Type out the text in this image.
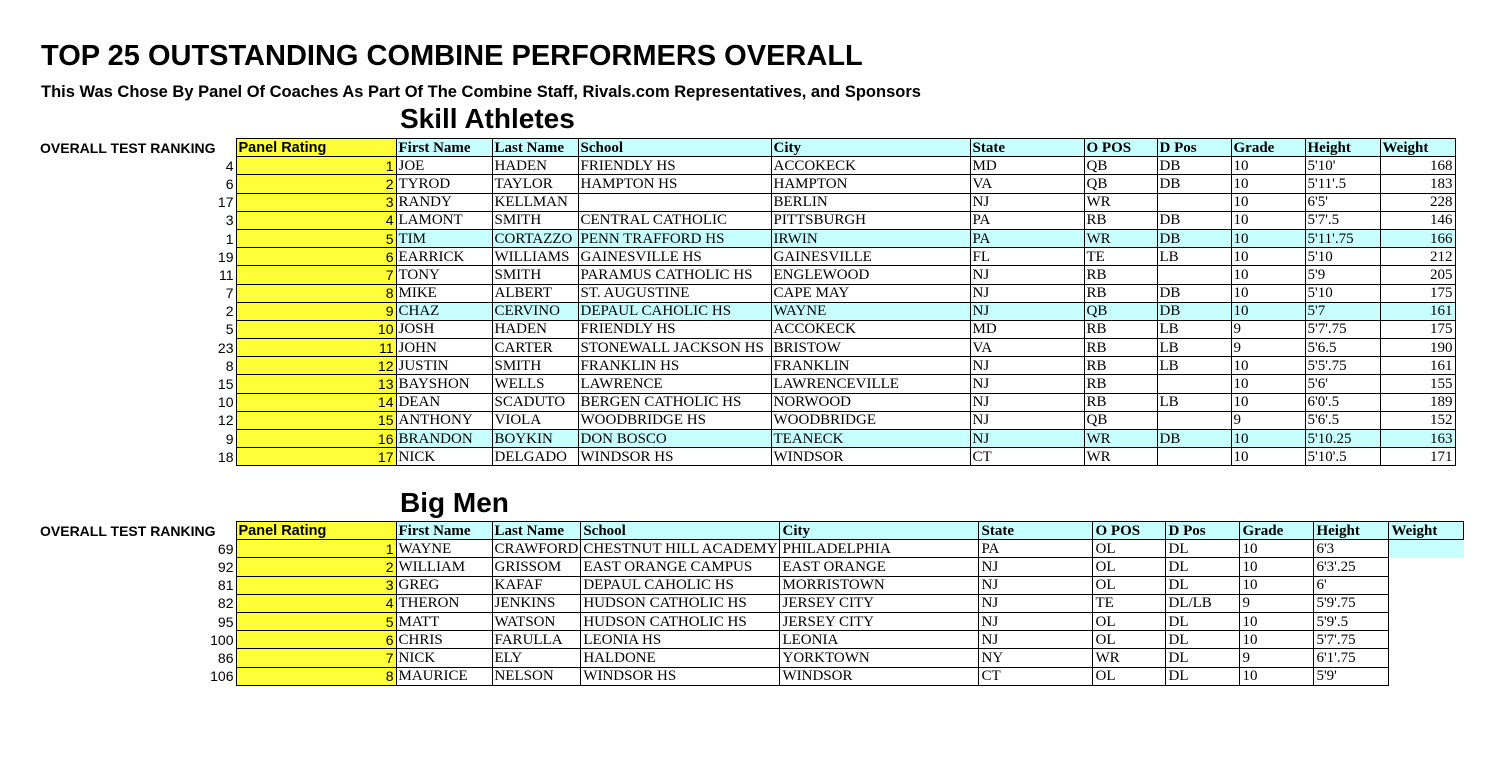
TOP 25 OUTSTANDING COMBINE PERFORMERS OVERALL
This Was Chose By Panel Of Coaches As Part Of The Combine Staff, Rivals.com Representatives, and Sponsors
Skill Athletes
OVERALL TEST RANKING	Panel Rating	First Name	Last Name	School	City	State	O POS	D Pos	Grade	Height	Weight
4	1	JOE	HADEN	FRIENDLY HS	ACCOKECK	MD	QB	DB	10	5'10'	168
6	2	TYROD	TAYLOR	HAMPTON HS	HAMPTON	VA	QB	DB	10	5'11'.5	183
17	3	RANDY	KELLMAN		BERLIN	NJ	WR		10	6'5'	228
3	4	LAMONT	SMITH	CENTRAL CATHOLIC	PITTSBURGH	PA	RB	DB	10	5'7'.5	146
1	5	TIM	CORTAZZO	PENN TRAFFORD HS	IRWIN	PA	WR	DB	10	5'11'.75	166
19	6	EARRICK	WILLIAMS	GAINESVILLE HS	GAINESVILLE	FL	TE	LB	10	5'10	212
11	7	TONY	SMITH	PARAMUS CATHOLIC HS	ENGLEWOOD	NJ	RB		10	5'9	205
7	8	MIKE	ALBERT	ST. AUGUSTINE	CAPE MAY	NJ	RB	DB	10	5'10	175
2	9	CHAZ	CERVINO	DEPAUL CAHOLIC HS	WAYNE	NJ	QB	DB	10	5'7	161
5	10	JOSH	HADEN	FRIENDLY HS	ACCOKECK	MD	RB	LB	9	5'7'.75	175
23	11	JOHN	CARTER	STONEWALL JACKSON HS	BRISTOW	VA	RB	LB	9	5'6.5	190
8	12	JUSTIN	SMITH	FRANKLIN HS	FRANKLIN	NJ	RB	LB	10	5'5'.75	161
15	13	BAYSHON	WELLS	LAWRENCE	LAWRENCEVILLE	NJ	RB		10	5'6'	155
10	14	DEAN	SCADUTO	BERGEN CATHOLIC HS	NORWOOD	NJ	RB	LB	10	6'0'.5	189
12	15	ANTHONY	VIOLA	WOODBRIDGE HS	WOODBRIDGE	NJ	QB		9	5'6'.5	152
9	16	BRANDON	BOYKIN	DON BOSCO	TEANECK	NJ	WR	DB	10	5'10.25	163
18	17	NICK	DELGADO	WINDSOR HS	WINDSOR	CT	WR		10	5'10'.5	171
Big Men
OVERALL TEST RANKING	Panel Rating	First Name	Last Name	School	City	State	O POS	D Pos	Grade	Height	Weight
69	1	WAYNE	CRAWFORD	CHESTNUT HILL ACADEMY	PHILADELPHIA	PA	OL	DL	10	6'3	
92	2	WILLIAM	GRISSOM	EAST ORANGE CAMPUS	EAST ORANGE	NJ	OL	DL	10	6'3'.25	
81	3	GREG	KAFAF	DEPAUL CAHOLIC HS	MORRISTOWN	NJ	OL	DL	10	6'	
82	4	THERON	JENKINS	HUDSON CATHOLIC HS	JERSEY CITY	NJ	TE	DL/LB	9	5'9'.75	
95	5	MATT	WATSON	HUDSON CATHOLIC HS	JERSEY CITY	NJ	OL	DL	10	5'9'.5	
100	6	CHRIS	FARULLA	LEONIA HS	LEONIA	NJ	OL	DL	10	5'7'.75	
86	7	NICK	ELY	HALDONE	YORKTOWN	NY	WR	DL	9	6'1'.75	
106	8	MAURICE	NELSON	WINDSOR HS	WINDSOR	CT	OL	DL	10	5'9'	
